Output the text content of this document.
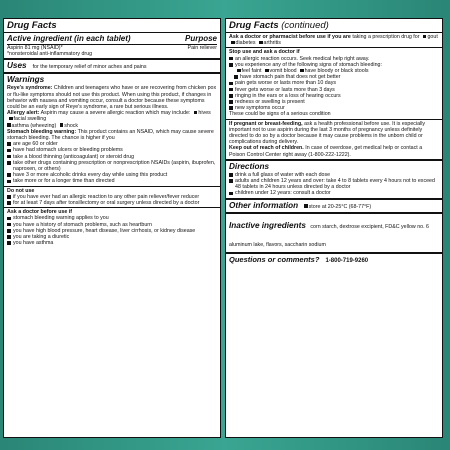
Drug Facts
Active ingredient (in each tablet)	Purpose
Aspirin 81 mg (NSAID)*	Pain reliever
*nonsteroidal anti-inflammatory drug
Uses for the temporary relief of minor aches and pains
Warnings
Reye's syndrome: Children and teenagers who have or are recovering from chicken pox or flu-like symptoms should not use this product. When using this product, if changes in behavior with nausea and vomiting occur, consult a doctor because these symptoms could be an early sign of Reye's syndrome, a rare but serious illness.
Allergy alert: Aspirin may cause a severe allergic reaction which may include: hives facial swelling
asthma (wheezing) shock
Stomach bleeding warning: This product contains an NSAID, which may cause severe stomach bleeding. The chance is higher if you
are age 60 or older
have had stomach ulcers or bleeding problems
take a blood thinning (anticoagulant) or steroid drug
take other drugs containing prescription or nonprescription NSAIDs (aspirin, ibuprofen, naproxen, or others)
have 3 or more alcoholic drinks every day while using this product
take more or for a longer time than directed
Do not use
if you have ever had an allergic reaction to any other pain reliever/fever reducer
for at least 7 days after tonsillectomy or oral surgery unless directed by a doctor
Ask a doctor before use if
stomach bleeding warning applies to you
you have a history of stomach problems, such as heartburn
you have high blood pressure, heart disease, liver cirrhosis, or kidney disease
you are taking a diuretic
you have asthma
Drug Facts (continued)
Ask a doctor or pharmacist before use if you are taking a prescription drug for gout diabetes arthritis
Stop use and ask a doctor if
an allergic reaction occurs. Seek medical help right away.
you experience any of the following signs of stomach bleeding:
feel faint vomit blood have bloody or black stools
have stomach pain that does not get better
pain gets worse or lasts more than 10 days
fever gets worse or lasts more than 3 days
ringing in the ears or a loss of hearing occurs
redness or swelling is present
new symptoms occur
These could be signs of a serious condition
If pregnant or breast-feeding, ask a health professional before use. It is especially important not to use aspirin during the last 3 months of pregnancy unless definitely directed to do so by a doctor because it may cause problems in the unborn child or complications during delivery.
Keep out of reach of children. In case of overdose, get medical help or contact a Poison Control Center right away (1-800-222-1222).
Directions
drink a full glass of water with each dose
adults and children 12 years and over: take 4 to 8 tablets every 4 hours not to exceed 48 tablets in 24 hours unless directed by a doctor
children under 12 years: consult a doctor
Other information	store at 20-25°C (68-77°F)
Inactive ingredients corn starch, dextrose excipient, FD&C yellow no. 6 aluminum lake, flavors, saccharin sodium
Questions or comments? 1-800-719-9260
